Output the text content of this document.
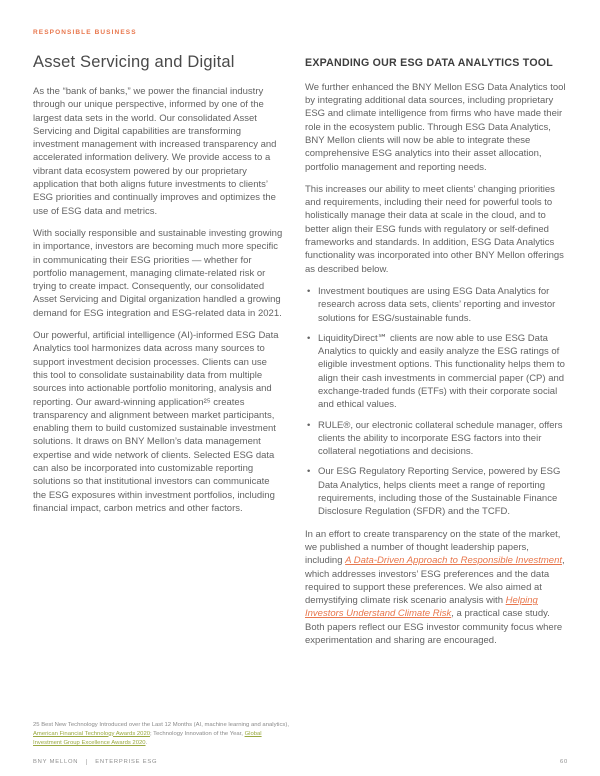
RESPONSIBLE BUSINESS
Asset Servicing and Digital

As the “bank of banks,” we power the financial industry through our unique perspective, informed by one of the largest data sets in the world. Our consolidated Asset Servicing and Digital capabilities are transforming investment management with increased transparency and accelerated information delivery. We provide access to a vibrant data ecosystem powered by our proprietary application that both aligns future investments to clients’ ESG priorities and continually improves and optimizes the use of ESG data and metrics.

With socially responsible and sustainable investing growing in importance, investors are becoming much more specific in communicating their ESG priorities — whether for portfolio management, managing climate-related risk or trying to create impact. Consequently, our consolidated Asset Servicing and Digital organization handled a growing demand for ESG integration and ESG-related data in 2021.

Our powerful, artificial intelligence (AI)-informed ESG Data Analytics tool harmonizes data across many sources to support investment decision processes. Clients can use this tool to consolidate sustainability data from multiple sources into actionable portfolio monitoring, analysis and reporting. Our award-winning application²⁵ creates transparency and alignment between market participants, enabling them to build customized sustainable investment solutions. It draws on BNY Mellon’s data management expertise and wide network of clients. Selected ESG data can also be incorporated into customizable reporting solutions so that institutional investors can communicate the ESG exposures within investment portfolios, including financial impact, carbon metrics and other factors.

EXPANDING OUR ESG DATA ANALYTICS TOOL

We further enhanced the BNY Mellon ESG Data Analytics tool by integrating additional data sources, including proprietary ESG and climate intelligence from firms who have made their role in the ecosystem public. Through ESG Data Analytics, BNY Mellon clients will now be able to integrate these comprehensive ESG analytics into their asset allocation, portfolio management and reporting needs.

This increases our ability to meet clients’ changing priorities and requirements, including their need for powerful tools to holistically manage their data at scale in the cloud, and to better align their ESG funds with regulatory or self-defined frameworks and standards. In addition, ESG Data Analytics functionality was incorporated into other BNY Mellon offerings as described below.

• Investment boutiques are using ESG Data Analytics for research across data sets, clients’ reporting and investor solutions for ESG/sustainable funds.
• LiquidityDirect℠ clients are now able to use ESG Data Analytics to quickly and easily analyze the ESG ratings of eligible investment options. This functionality helps them to align their cash investments in commercial paper (CP) and exchange-traded funds (ETFs) with their corporate social and ethical values.
• RULE®, our electronic collateral schedule manager, offers clients the ability to incorporate ESG factors into their collateral negotiations and decisions.
• Our ESG Regulatory Reporting Service, powered by ESG Data Analytics, helps clients meet a range of reporting requirements, including those of the Sustainable Finance Disclosure Regulation (SFDR) and the TCFD.

In an effort to create transparency on the state of the market, we published a number of thought leadership papers, including A Data-Driven Approach to Responsible Investment, which addresses investors’ ESG preferences and the data required to support these preferences. We also aimed at demystifying climate risk scenario analysis with Helping Investors Understand Climate Risk, a practical case study. Both papers reflect our ESG investor community focus where experimentation and sharing are encouraged.

25 Best New Technology Introduced over the Last 12 Months (AI, machine learning and analytics), American Financial Technology Awards 2020; Technology Innovation of the Year, Global Investment Group Excellence Awards 2020.
BNY MELLON	ENTERPRISE ESG	60
